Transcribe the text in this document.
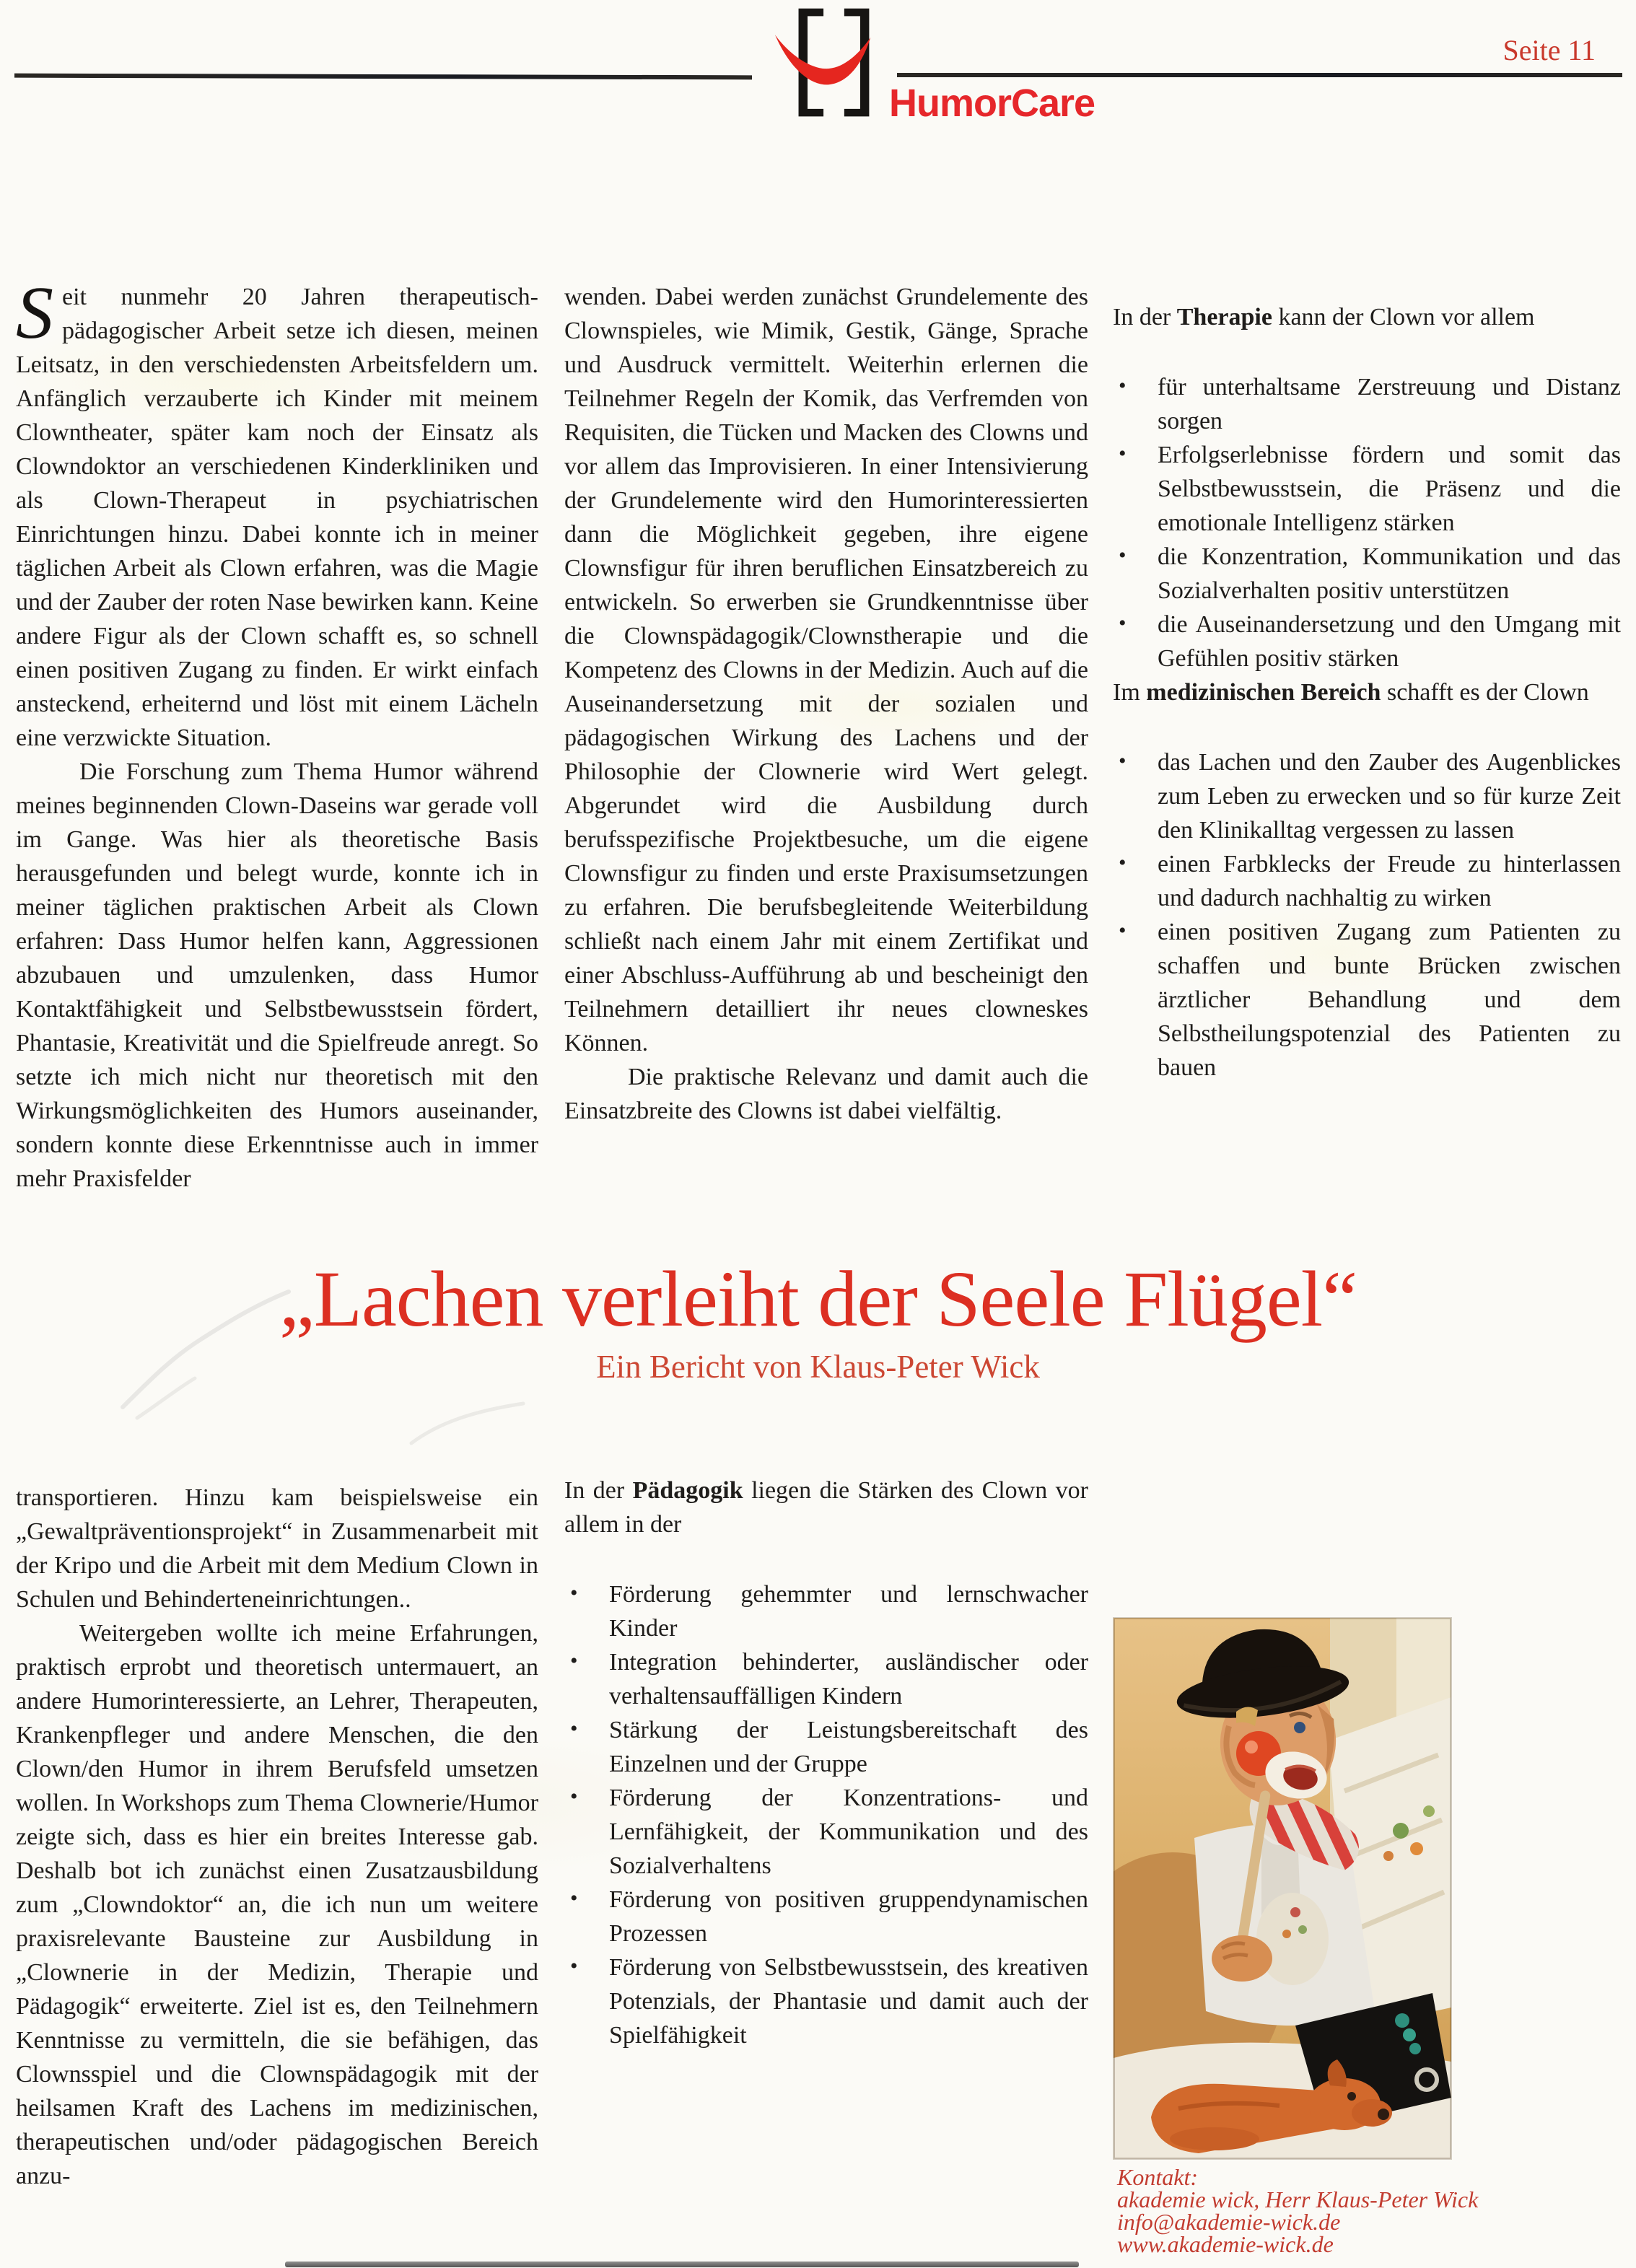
HumorCare
Seite 11

Seit nunmehr 20 Jahren therapeutisch-pädagogischer Arbeit setze ich diesen, meinen Leitsatz, in den verschiedensten Arbeitsfeldern um. Anfänglich verzauberte ich Kinder mit meinem Clowntheater, später kam noch der Einsatz als Clowndoktor an verschiedenen Kinderkliniken und als Clown-Therapeut in psychiatrischen Einrichtungen hinzu. Dabei konnte ich in meiner täglichen Arbeit als Clown erfahren, was die Magie und der Zauber der roten Nase bewirken kann. Keine andere Figur als der Clown schafft es, so schnell einen positiven Zugang zu finden. Er wirkt einfach ansteckend, erheiternd und löst mit einem Lächeln eine verzwickte Situation.

Die Forschung zum Thema Humor während meines beginnenden Clown-Daseins war gerade voll im Gange. Was hier als theoretische Basis herausgefunden und belegt wurde, konnte ich in meiner täglichen praktischen Arbeit als Clown erfahren: Dass Humor helfen kann, Aggressionen abzubauen und umzulenken, dass Humor Kontaktfähigkeit und Selbstbewusstsein fördert, Phantasie, Kreativität und die Spielfreude anregt. So setzte ich mich nicht nur theoretisch mit den Wirkungsmöglichkeiten des Humors auseinander, sondern konnte diese Erkenntnisse auch in immer mehr Praxisfelder

wenden. Dabei werden zunächst Grundelemente des Clownspieles, wie Mimik, Gestik, Gänge, Sprache und Ausdruck vermittelt. Weiterhin erlernen die Teilnehmer Regeln der Komik, das Verfremden von Requisiten, die Tücken und Macken des Clowns und vor allem das Improvisieren. In einer Intensivierung der Grundelemente wird den Humorinteressierten dann die Möglichkeit gegeben, ihre eigene Clownsfigur für ihren beruflichen Einsatzbereich zu entwickeln. So erwerben sie Grundkenntnisse über die Clownspädagogik/Clownstherapie und die Kompetenz des Clowns in der Medizin. Auch auf die Auseinandersetzung mit der sozialen und pädagogischen Wirkung des Lachens und der Philosophie der Clownerie wird Wert gelegt. Abgerundet wird die Ausbildung durch berufsspezifische Projektbesuche, um die eigene Clownsfigur zu finden und erste Praxisumsetzungen zu erfahren. Die berufsbegleitende Weiterbildung schließt nach einem Jahr mit einem Zertifikat und einer Abschluss-Aufführung ab und bescheinigt den Teilnehmern detailliert ihr neues clowneskes Können.

Die praktische Relevanz und damit auch die Einsatzbreite des Clowns ist dabei vielfältig.

In der Therapie kann der Clown vor allem

• für unterhaltsame Zerstreuung und Distanz sorgen
• Erfolgserlebnisse fördern und somit das Selbstbewusstsein, die Präsenz und die emotionale Intelligenz stärken
• die Konzentration, Kommunikation und das Sozialverhalten positiv unterstützen
• die Auseinandersetzung und den Umgang mit Gefühlen positiv stärken

Im medizinischen Bereich schafft es der Clown

• das Lachen und den Zauber des Augenblickes zum Leben zu erwecken und so für kurze Zeit den Klinikalltag vergessen zu lassen
• einen Farbklecks der Freude zu hinterlassen und dadurch nachhaltig zu wirken
• einen positiven Zugang zum Patienten zu schaffen und bunte Brücken zwischen ärztlicher Behandlung und dem Selbstheilungspotenzial des Patienten zu bauen
„Lachen verleiht der Seele Flügel“
Ein Bericht von Klaus-Peter Wick

transportieren. Hinzu kam beispielsweise ein „Gewaltpräventionsprojekt“ in Zusammenarbeit mit der Kripo und die Arbeit mit dem Medium Clown in Schulen und Behinderteneinrichtungen..

Weitergeben wollte ich meine Erfahrungen, praktisch erprobt und theoretisch untermauert, an andere Humorinteressierte, an Lehrer, Therapeuten, Krankenpfleger und andere Menschen, die den Clown/den Humor in ihrem Berufsfeld umsetzen wollen. In Workshops zum Thema Clownerie/Humor zeigte sich, dass es hier ein breites Interesse gab. Deshalb bot ich zunächst einen Zusatzausbildung zum „Clowndoktor“ an, die ich nun um weitere praxisrelevante Bausteine zur Ausbildung in „Clownerie in der Medizin, Therapie und Pädagogik“ erweiterte. Ziel ist es, den Teilnehmern Kenntnisse zu vermitteln, die sie befähigen, das Clownsspiel und die Clownspädagogik mit der heilsamen Kraft des Lachens im medizinischen, therapeutischen und/oder pädagogischen Bereich anzu-

In der Pädagogik liegen die Stärken des Clown vor allem in der

• Förderung gehemmter und lernschwacher Kinder
• Integration behinderter, ausländischer oder verhaltensauffälligen Kindern
• Stärkung der Leistungsbereitschaft des Einzelnen und der Gruppe
• Förderung der Konzentrations- und Lernfähigkeit, der Kommunikation und des Sozialverhaltens
• Förderung von positiven gruppendynamischen Prozessen
• Förderung von Selbstbewusstsein, des kreativen Potenzials, der Phantasie und damit auch der Spielfähigkeit
Kontakt:
akademie wick, Herr Klaus-Peter Wick
info@akademie-wick.de
www.akademie-wick.de
